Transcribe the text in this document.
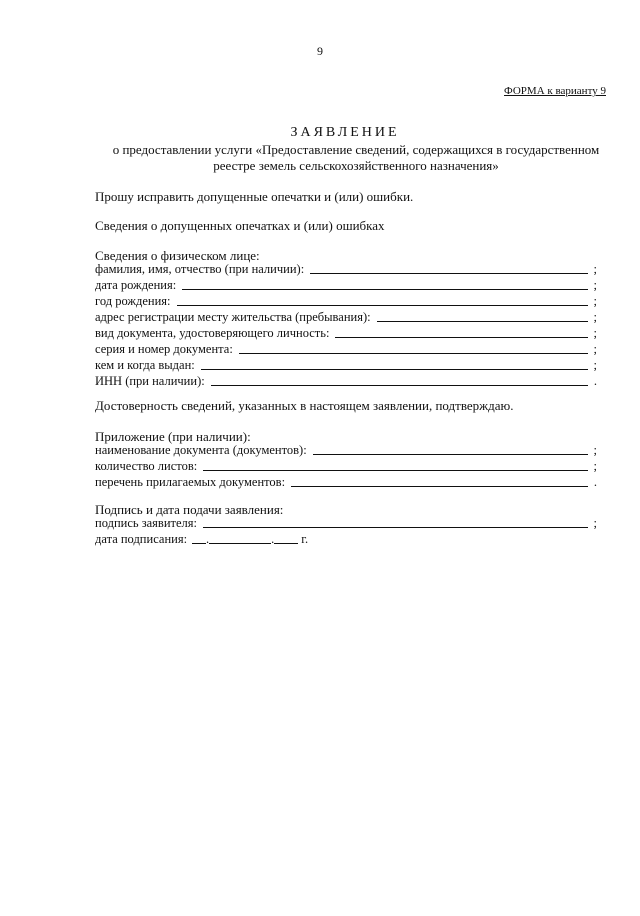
9
ФОРМА к варианту 9
ЗАЯВЛЕНИЕ
о предоставлении услуги «Предоставление сведений, содержащихся в государственном
реестре земель сельскохозяйственного назначения»
Прошу исправить допущенные опечатки и (или) ошибки.
Сведения о допущенных опечатках и (или) ошибках
Сведения о физическом лице:
фамилия, имя, отчество (при наличии):	;
дата рождения:	;
год рождения:	;
адрес регистрации месту жительства (пребывания):	;
вид документа, удостоверяющего личность:	;
серия и номер документа:	;
кем и когда выдан:	;
ИНН (при наличии):	.
Достоверность сведений, указанных в настоящем заявлении, подтверждаю.
Приложение (при наличии):
наименование документа (документов):	;
количество листов:	;
перечень прилагаемых документов:	.
Подпись и дата подачи заявления:
подпись заявителя:	;
дата подписания: .	. г.
